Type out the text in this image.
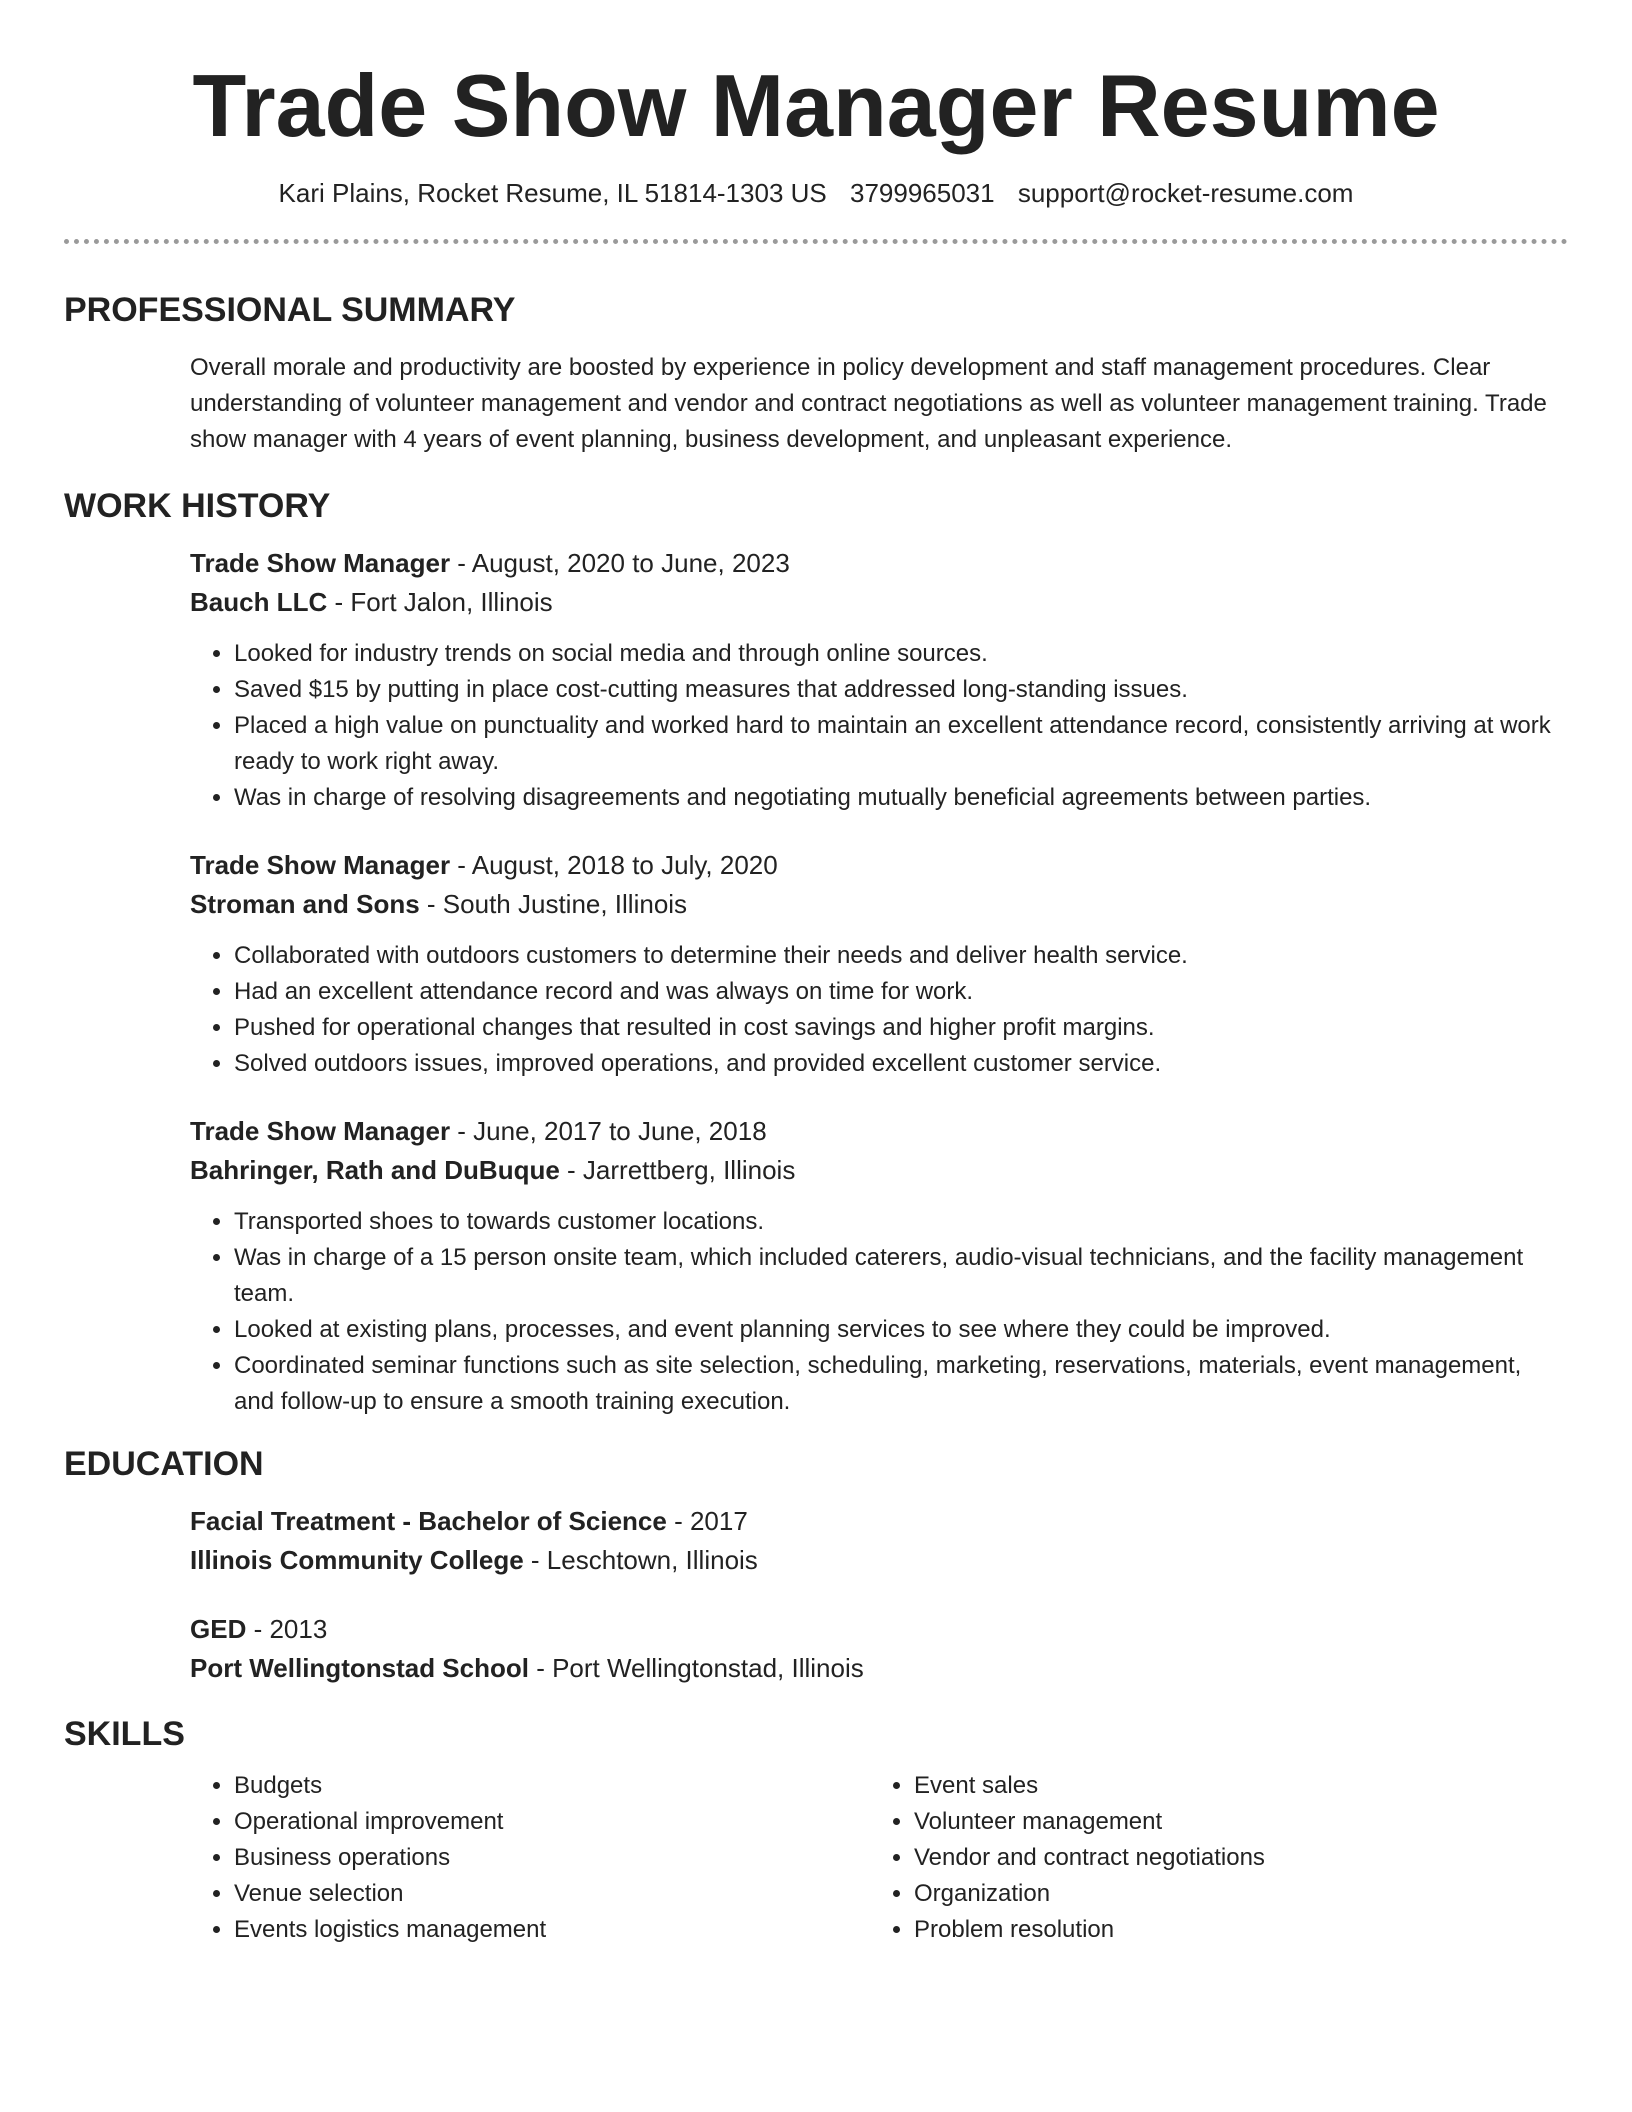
Trade Show Manager Resume
Kari Plains, Rocket Resume, IL 51814-1303 US 3799965031 support@rocket-resume.com
PROFESSIONAL SUMMARY

Overall morale and productivity are boosted by experience in policy development and staff management procedures. Clear understanding of volunteer management and vendor and contract negotiations as well as volunteer management training. Trade show manager with 4 years of event planning, business development, and unpleasant experience.

WORK HISTORY
Trade Show Manager - August, 2020 to June, 2023
Bauch LLC - Fort Jalon, Illinois
• Looked for industry trends on social media and through online sources.
• Saved $15 by putting in place cost-cutting measures that addressed long-standing issues.
• Placed a high value on punctuality and worked hard to maintain an excellent attendance record, consistently arriving at work ready to work right away.
• Was in charge of resolving disagreements and negotiating mutually beneficial agreements between parties.
Trade Show Manager - August, 2018 to July, 2020
Stroman and Sons - South Justine, Illinois
• Collaborated with outdoors customers to determine their needs and deliver health service.
• Had an excellent attendance record and was always on time for work.
• Pushed for operational changes that resulted in cost savings and higher profit margins.
• Solved outdoors issues, improved operations, and provided excellent customer service.
Trade Show Manager - June, 2017 to June, 2018
Bahringer, Rath and DuBuque - Jarrettberg, Illinois
• Transported shoes to towards customer locations.
• Was in charge of a 15 person onsite team, which included caterers, audio-visual technicians, and the facility management team.
• Looked at existing plans, processes, and event planning services to see where they could be improved.
• Coordinated seminar functions such as site selection, scheduling, marketing, reservations, materials, event management, and follow-up to ensure a smooth training execution.
EDUCATION
Facial Treatment - Bachelor of Science - 2017
Illinois Community College - Leschtown, Illinois
GED - 2013
Port Wellingtonstad School - Port Wellingtonstad, Illinois
SKILLS
• Budgets
• Operational improvement
• Business operations
• Venue selection
• Events logistics management
• Event sales
• Volunteer management
• Vendor and contract negotiations
• Organization
• Problem resolution
